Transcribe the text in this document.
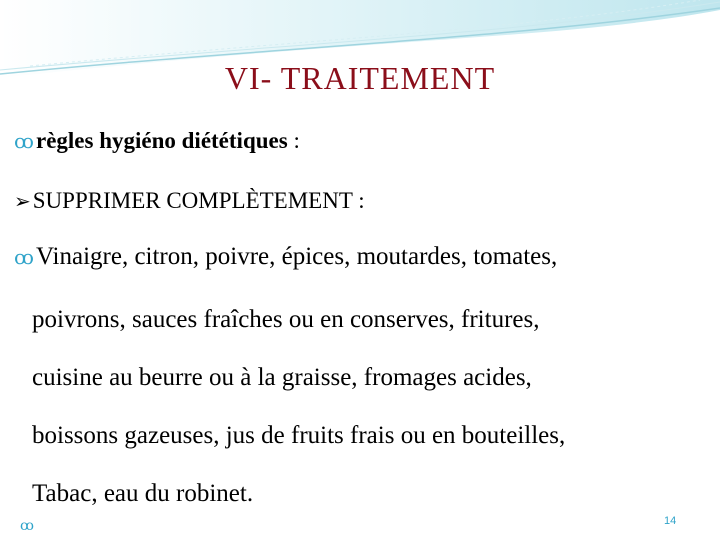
VI- TRAITEMENT
ꝏrègles hygiéno diététiques :
➢SUPPRIMER COMPLÈTEMENT :
ꝏVinaigre, citron, poivre, épices, moutardes, tomates,
poivrons, sauces fraîches ou en conserves, fritures,
cuisine au beurre ou à la graisse, fromages acides,
boissons gazeuses, jus de fruits frais ou en bouteilles,
Tabac, eau du robinet.
ꝏ	14
